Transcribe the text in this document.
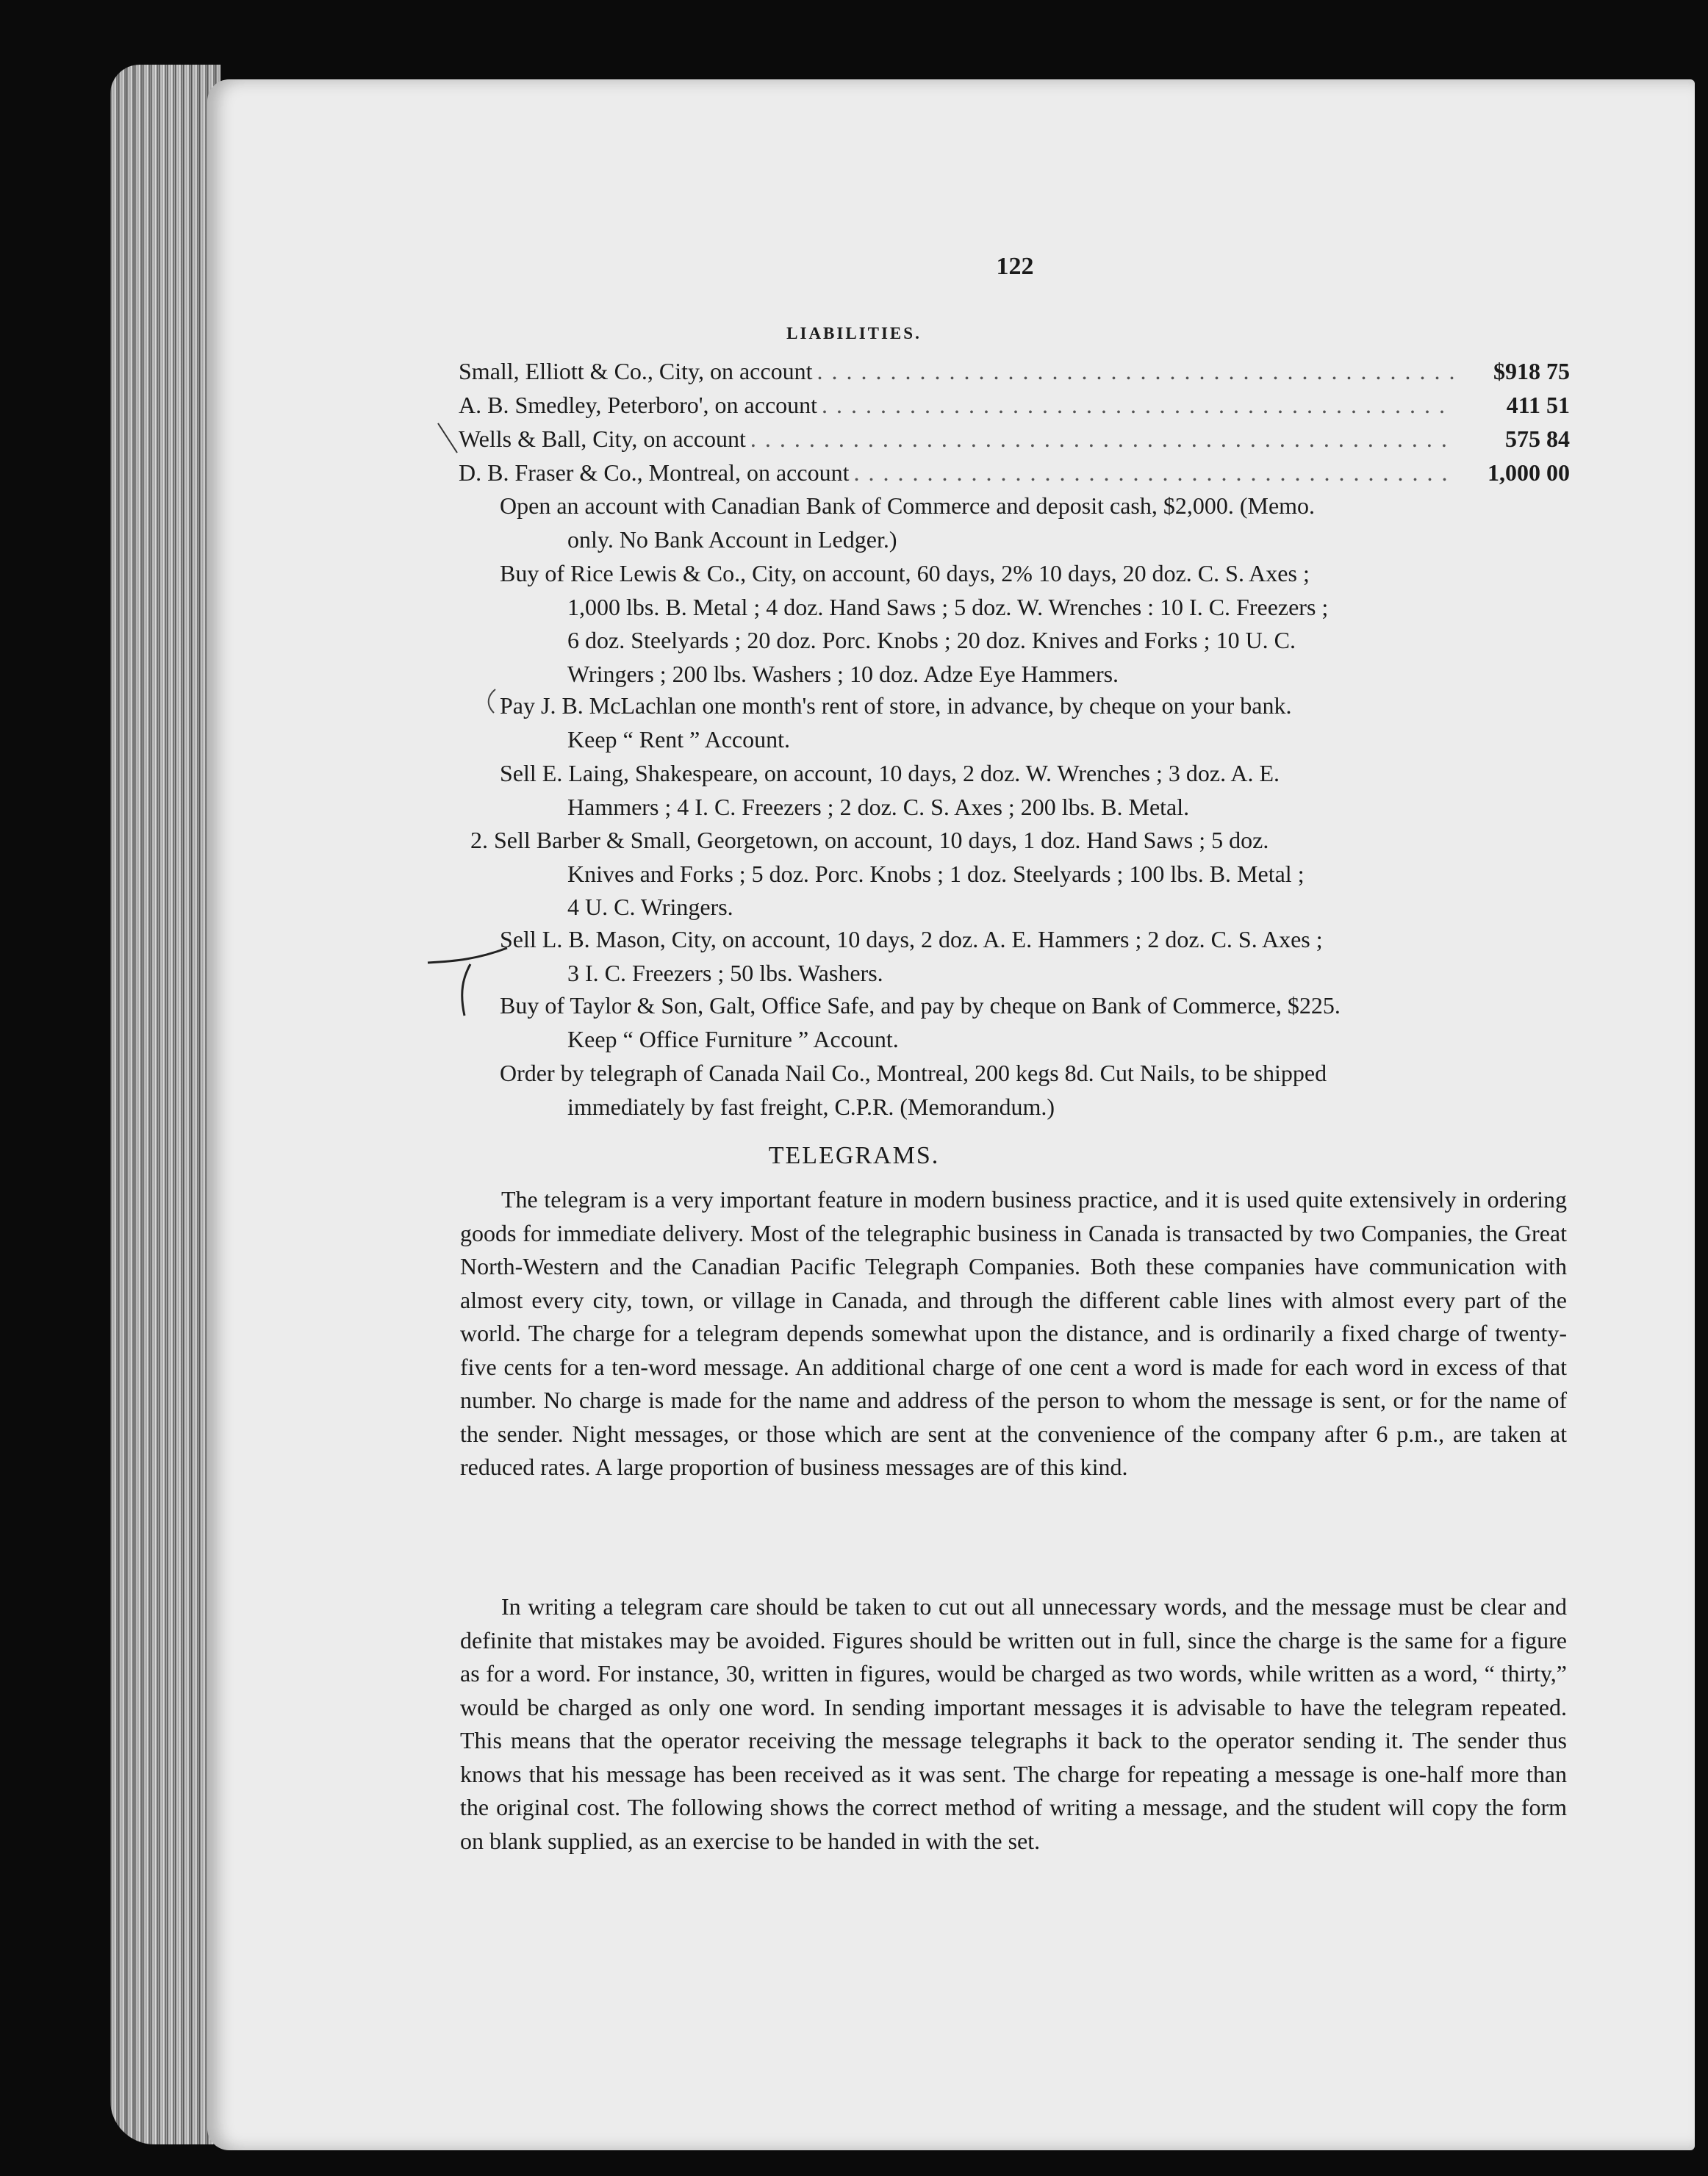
122
LIABILITIES.
Small, Elliott & Co., City, on account . . .	$918 75
A. B. Smedley, Peterboro', on account . . .	411 51
Wells & Ball, City, on account . . .	575 84
D. B. Fraser & Co., Montreal, on account . . .	1,000 00
Open an account with Canadian Bank of Commerce and deposit cash, $2,000. (Memo.
only. No Bank Account in Ledger.)
Buy of Rice Lewis & Co., City, on account, 60 days, 2% 10 days, 20 doz. C. S. Axes ;
1,000 lbs. B. Metal ; 4 doz. Hand Saws ; 5 doz. W. Wrenches : 10 I. C. Freezers ;
6 doz. Steelyards ; 20 doz. Porc. Knobs ; 20 doz. Knives and Forks ; 10 U. C.
Wringers ; 200 lbs. Washers ; 10 doz. Adze Eye Hammers.
Pay J. B. McLachlan one month's rent of store, in advance, by cheque on your bank.
Keep “ Rent ” Account.
Sell E. Laing, Shakespeare, on account, 10 days, 2 doz. W. Wrenches ; 3 doz. A. E.
Hammers ; 4 I. C. Freezers ; 2 doz. C. S. Axes ; 200 lbs. B. Metal.
2. Sell Barber & Small, Georgetown, on account, 10 days, 1 doz. Hand Saws ; 5 doz.
Knives and Forks ; 5 doz. Porc. Knobs ; 1 doz. Steelyards ; 100 lbs. B. Metal ;
4 U. C. Wringers.
Sell L. B. Mason, City, on account, 10 days, 2 doz. A. E. Hammers ; 2 doz. C. S. Axes ;
3 I. C. Freezers ; 50 lbs. Washers.
Buy of Taylor & Son, Galt, Office Safe, and pay by cheque on Bank of Commerce, $225.
Keep “ Office Furniture ” Account.
Order by telegraph of Canada Nail Co., Montreal, 200 kegs 8d. Cut Nails, to be shipped
immediately by fast freight, C.P.R. (Memorandum.)
TELEGRAMS.
The telegram is a very important feature in modern business practice, and it is used quite extensively in ordering goods for immediate delivery. Most of the telegraphic business in Canada is transacted by two Companies, the Great North-Western and the Canadian Pacific Telegraph Companies. Both these companies have communication with almost every city, town, or village in Canada, and through the different cable lines with almost every part of the world. The charge for a telegram depends somewhat upon the distance, and is ordinarily a fixed charge of twenty-five cents for a ten-word message. An additional charge of one cent a word is made for each word in excess of that number. No charge is made for the name and address of the person to whom the message is sent, or for the name of the sender. Night messages, or those which are sent at the convenience of the company after 6 p.m., are taken at reduced rates. A large proportion of business messages are of this kind.
In writing a telegram care should be taken to cut out all unnecessary words, and the message must be clear and definite that mistakes may be avoided. Figures should be written out in full, since the charge is the same for a figure as for a word. For instance, 30, written in figures, would be charged as two words, while written as a word, “ thirty,” would be charged as only one word. In sending important messages it is advisable to have the telegram repeated. This means that the operator receiving the message telegraphs it back to the operator sending it. The sender thus knows that his message has been received as it was sent. The charge for repeating a message is one-half more than the original cost. The following shows the correct method of writing a message, and the student will copy the form on blank supplied, as an exercise to be handed in with the set.
